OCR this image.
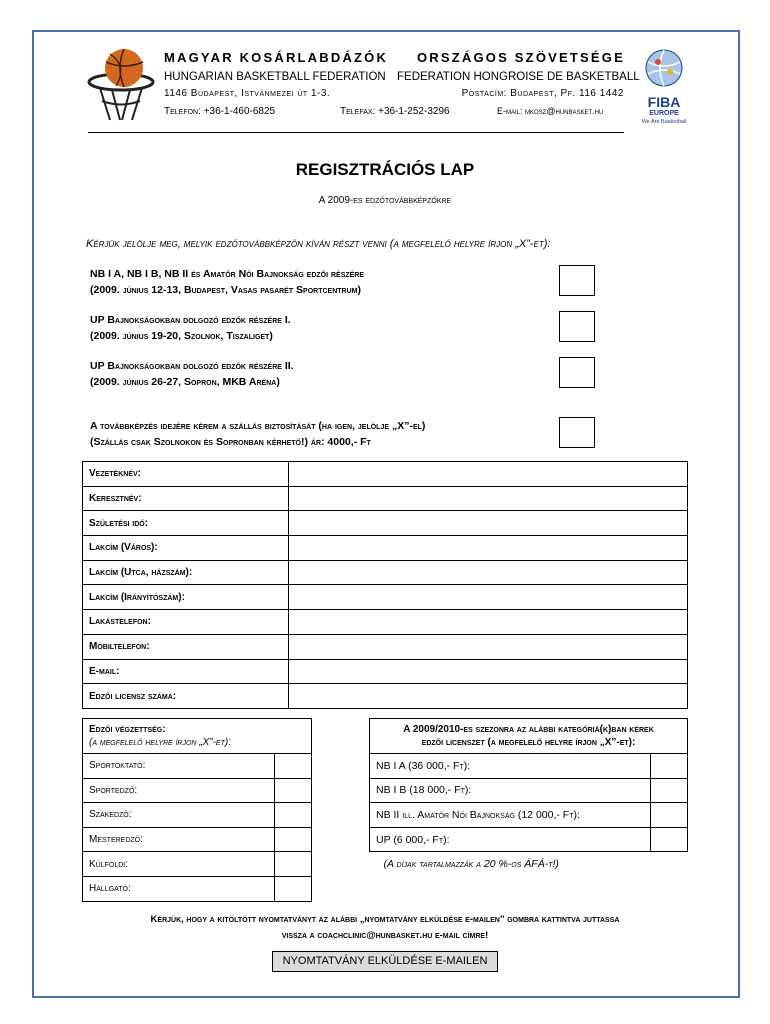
MAGYAR KOSÁRLABDÁZÓK ORSZÁGOS SZÖVETSÉGE
HUNGARIAN BASKETBALL FEDERATION FEDERATION HONGROISE DE BASKETBALL
1146 Budapest, Istvánmezei út 1-3.	Postacím: Budapest, Pf. 116 1442
Telefon: +36-1-460-6825	Telefax: +36-1-252-3296	E-mail: mkosz@hunbasket.hu
FIBA
EUROPE
We Are Basketball
REGISZTRÁCIÓS LAP
A 2009-es edzőtovábbképzőkre
Kérjük jelölje meg, melyik edzőtovábbképzőn kíván részt venni (a megfelelő helyre írjon „X”-et):
NB I A, NB I B, NB II és Amatőr Női Bajnokság edzői részére
(2009. június 12-13, Budapest, Vasas pasarét Sportcentrum)
UP Bajnokságokban dolgozó edzők részére I.
(2009. június 19-20, Szolnok, Tiszaliget)
UP Bajnokságokban dolgozó edzők részére II.
(2009. június 26-27, Sopron, MKB Aréna)
A továbbképzés idejére kérem a szállás biztosítását (ha igen, jelölje „X”-el)
(Szállás csak Szolnokon és Sopronban kérhető!) ár: 4000,- Ft
Vezetéknév:	
Keresztnév:	
Születési idő:	
Lakcím (Város):	
Lakcím (Utca, házszám):	
Lakcím (Irányítószám):	
Lakástelefon:	
Mobiltelefon:	
E-mail:	
Edzői licensz száma:	
Edzői végzettség:
(a megfelelő helyre írjon „X”-et):	

Sportoktató:	
Sportedző:	
Szakedző:	
Mesteredző:	
Külföldi:	
Hallgató:	
A 2009/2010-es szezonra az alábbi kategóriá(k)ban kérek
edzői licenszet (a megfelelő helyre írjon „X”-et):	

NB I A (36 000,- Ft):	
NB I B (18 000,- Ft):	
NB II ill. Amatőr Női Bajnokság (12 000,- Ft):	
UP (6 000,- Ft):	
(A díjak tartalmazzák a 20 %-os ÁFÁ-t!)	
Kérjük, hogy a kitöltött nyomtatványt az alábbi „nyomtatvány elküldése e-mailen” gombra kattintva juttassa
vissza a coachclinic@hunbasket.hu e-mail címre!
NYOMTATVÁNY ELKÜLDÉSE E-MAILEN
